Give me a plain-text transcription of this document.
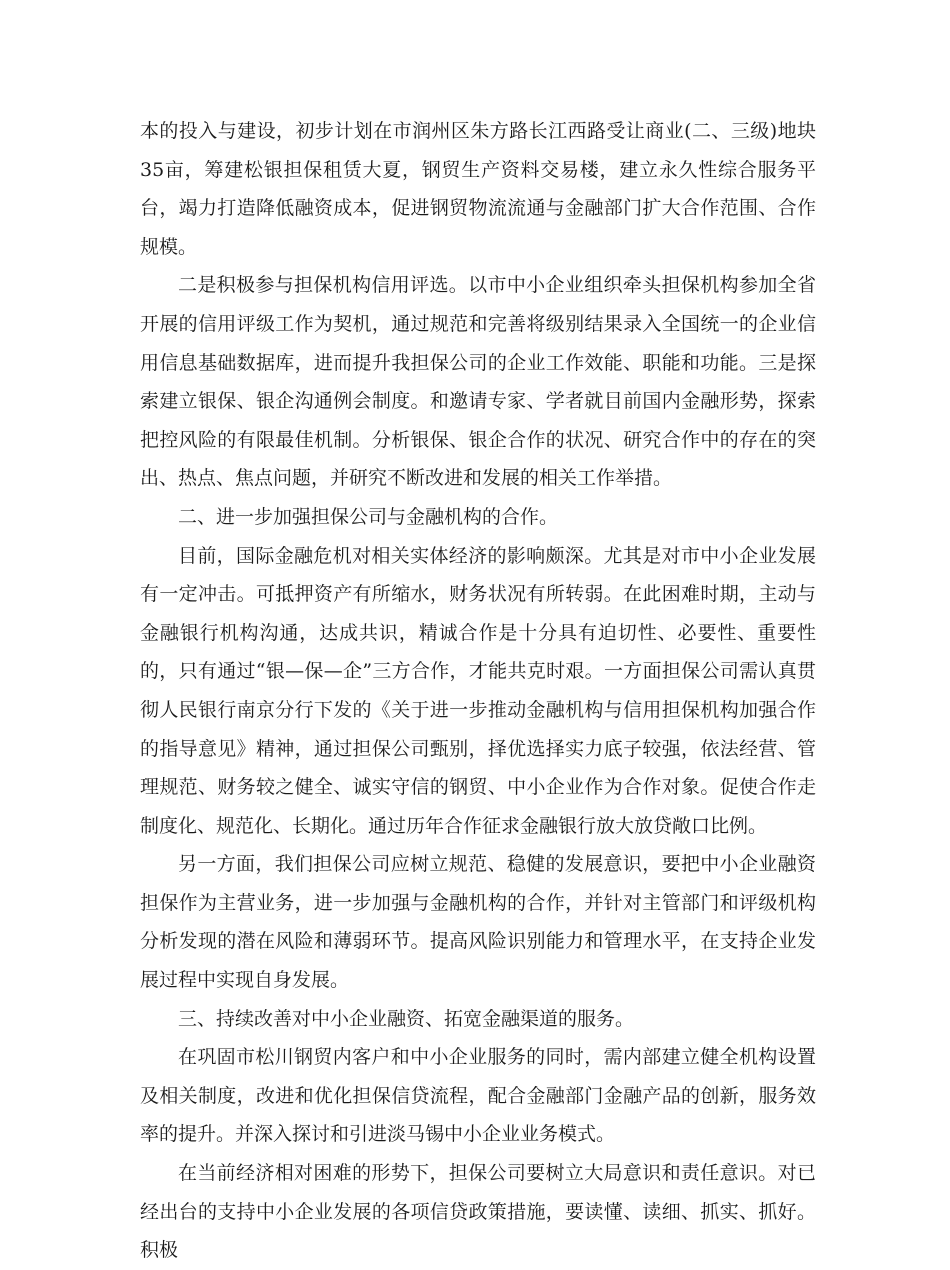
本的投入与建设，初步计划在市润州区朱方路长江西路受让商业(二、三级)地块35亩，筹建松银担保租赁大夏，钢贸生产资料交易楼，建立永久性综合服务平台，竭力打造降低融资成本，促进钢贸物流流通与金融部门扩大合作范围、合作规模。

二是积极参与担保机构信用评选。以市中小企业组织牵头担保机构参加全省开展的信用评级工作为契机，通过规范和完善将级别结果录入全国统一的企业信用信息基础数据库，进而提升我担保公司的企业工作效能、职能和功能。三是探索建立银保、银企沟通例会制度。和邀请专家、学者就目前国内金融形势，探索把控风险的有限最佳机制。分析银保、银企合作的状况、研究合作中的存在的突出、热点、焦点问题，并研究不断改进和发展的相关工作举措。

二、进一步加强担保公司与金融机构的合作。

目前，国际金融危机对相关实体经济的影响颇深。尤其是对市中小企业发展有一定冲击。可抵押资产有所缩水，财务状况有所转弱。在此困难时期，主动与金融银行机构沟通，达成共识，精诚合作是十分具有迫切性、必要性、重要性的，只有通过“银—保—企”三方合作，才能共克时艰。一方面担保公司需认真贯彻人民银行南京分行下发的《关于进一步推动金融机构与信用担保机构加强合作的指导意见》精神，通过担保公司甄别，择优选择实力底子较强，依法经营、管理规范、财务较之健全、诚实守信的钢贸、中小企业作为合作对象。促使合作走制度化、规范化、长期化。通过历年合作征求金融银行放大放贷敞口比例。

另一方面，我们担保公司应树立规范、稳健的发展意识，要把中小企业融资担保作为主营业务，进一步加强与金融机构的合作，并针对主管部门和评级机构分析发现的潜在风险和薄弱环节。提高风险识别能力和管理水平，在支持企业发展过程中实现自身发展。

三、持续改善对中小企业融资、拓宽金融渠道的服务。

在巩固市松川钢贸内客户和中小企业服务的同时，需内部建立健全机构设置及相关制度，改进和优化担保信贷流程，配合金融部门金融产品的创新，服务效率的提升。并深入探讨和引进淡马锡中小企业业务模式。

在当前经济相对困难的形势下，担保公司要树立大局意识和责任意识。对已经出台的支持中小企业发展的各项信贷政策措施，要读懂、读细、抓实、抓好。积极
